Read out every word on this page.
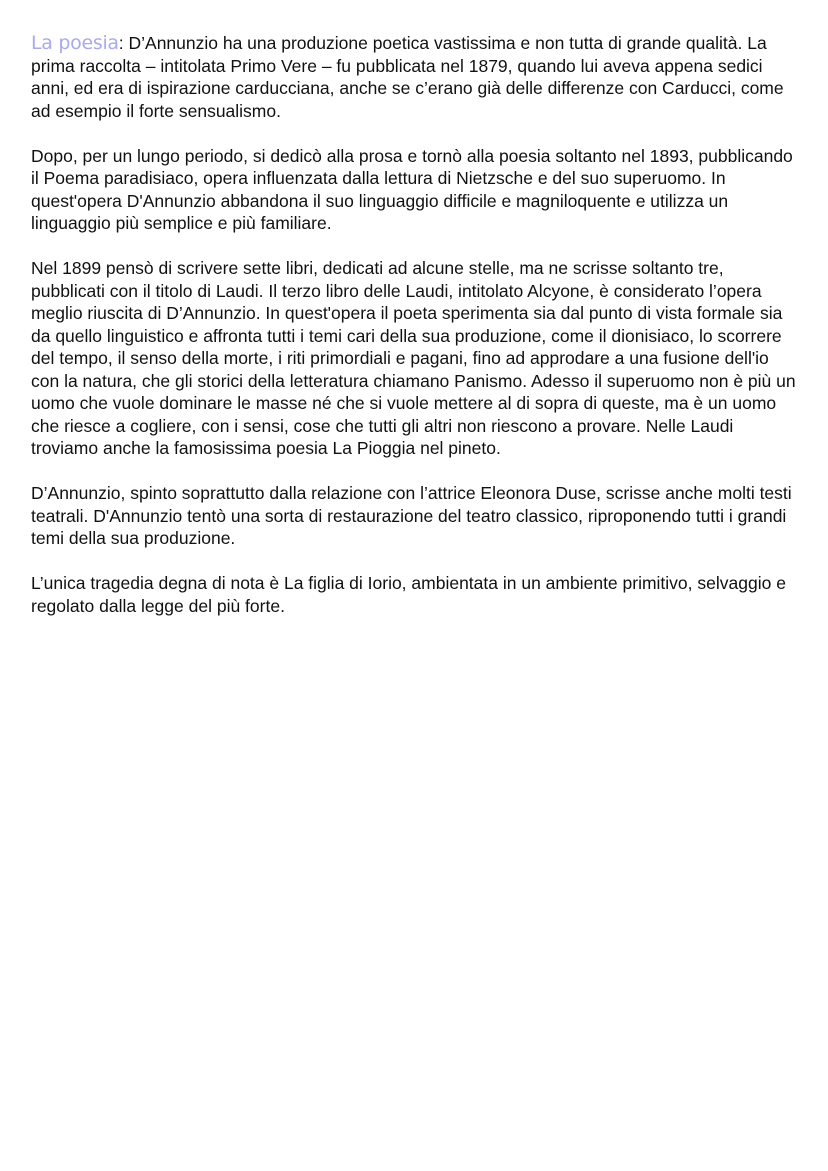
La poesia: D’Annunzio ha una produzione poetica vastissima e non tutta di grande qualità. La prima raccolta – intitolata Primo Vere – fu pubblicata nel 1879, quando lui aveva appena sedici anni, ed era di ispirazione carducciana, anche se c’erano già delle differenze con Carducci, come ad esempio il forte sensualismo.

Dopo, per un lungo periodo, si dedicò alla prosa e tornò alla poesia soltanto nel 1893, pubblicando il Poema paradisiaco, opera influenzata dalla lettura di Nietzsche e del suo superuomo. In quest'opera D'Annunzio abbandona il suo linguaggio difficile e magniloquente e utilizza un linguaggio più semplice e più familiare.

Nel 1899 pensò di scrivere sette libri, dedicati ad alcune stelle, ma ne scrisse soltanto tre, pubblicati con il titolo di Laudi. Il terzo libro delle Laudi, intitolato Alcyone, è considerato l’opera meglio riuscita di D’Annunzio. In quest'opera il poeta sperimenta sia dal punto di vista formale sia da quello linguistico e affronta tutti i temi cari della sua produzione, come il dionisiaco, lo scorrere del tempo, il senso della morte, i riti primordiali e pagani, fino ad approdare a una fusione dell'io con la natura, che gli storici della letteratura chiamano Panismo. Adesso il superuomo non è più un uomo che vuole dominare le masse né che si vuole mettere al di sopra di queste, ma è un uomo che riesce a cogliere, con i sensi, cose che tutti gli altri non riescono a provare. Nelle Laudi troviamo anche la famosissima poesia La Pioggia nel pineto.

D’Annunzio, spinto soprattutto dalla relazione con l’attrice Eleonora Duse, scrisse anche molti testi teatrali. D'Annunzio tentò una sorta di restaurazione del teatro classico, riproponendo tutti i grandi temi della sua produzione.

L’unica tragedia degna di nota è La figlia di Iorio, ambientata in un ambiente primitivo, selvaggio e regolato dalla legge del più forte.
